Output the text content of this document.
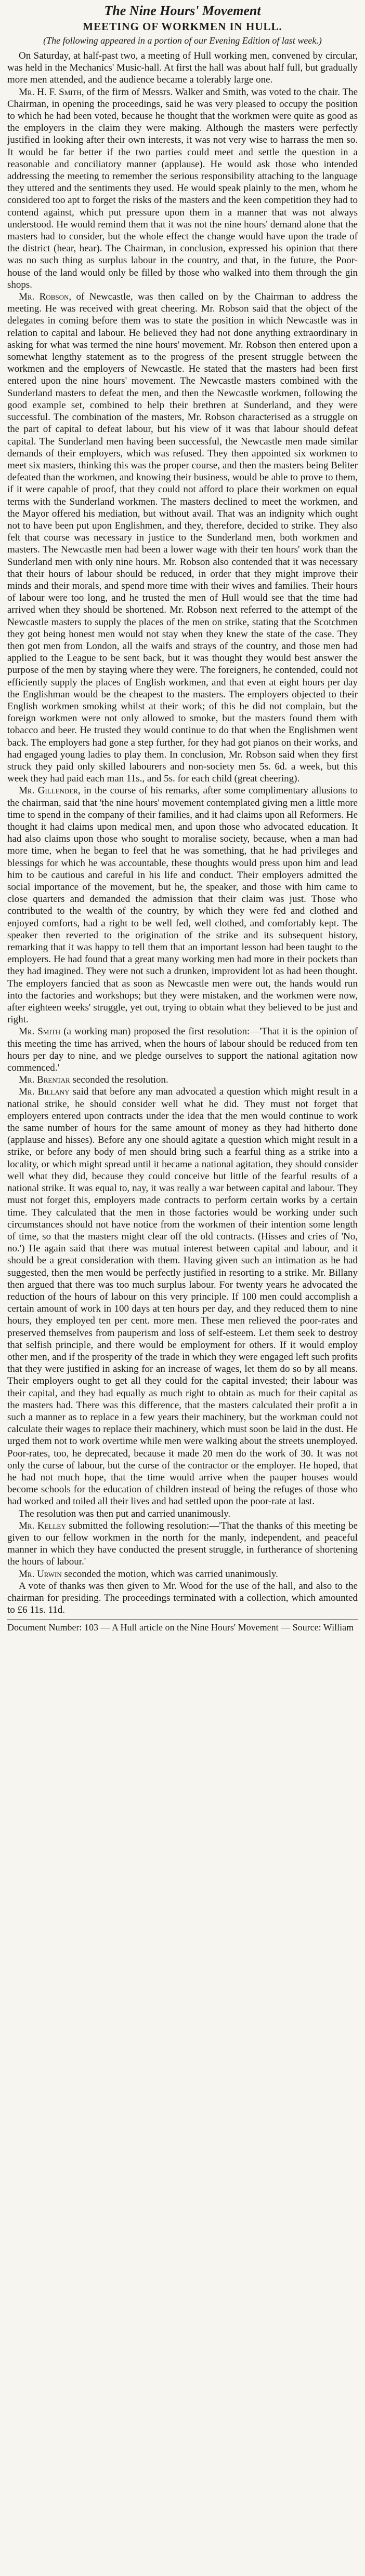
The Nine Hours' Movement
MEETING OF WORKMEN IN HULL.
(The following appeared in a portion of our Evening Edition of last week.)

On Saturday, at half-past two, a meeting of Hull working men, convened by circular, was held in the Mechanics' Music-hall. At first the hall was about half full, but gradually more men attended, and the audience became a tolerably large one.

Mr. H. F. Smith, of the firm of Messrs. Walker and Smith, was voted to the chair. The Chairman, in opening the proceedings, said he was very pleased to occupy the position to which he had been voted, because he thought that the workmen were quite as good as the employers in the claim they were making. Although the masters were perfectly justified in looking after their own interests, it was not very wise to harrass the men so. It would be far better if the two parties could meet and settle the question in a reasonable and conciliatory manner (applause). He would ask those who intended addressing the meeting to remember the serious responsibility attaching to the language they uttered and the sentiments they used. He would speak plainly to the men, whom he considered too apt to forget the risks of the masters and the keen competition they had to contend against, which put pressure upon them in a manner that was not always understood. He would remind them that it was not the nine hours' demand alone that the masters had to consider, but the whole effect the change would have upon the trade of the district (hear, hear). The Chairman, in conclusion, expressed his opinion that there was no such thing as surplus labour in the country, and that, in the future, the Poor-house of the land would only be filled by those who walked into them through the gin shops.

Mr. Robson, of Newcastle, was then called on by the Chairman to address the meeting. He was received with great cheering. Mr. Robson said that the object of the delegates in coming before them was to state the position in which Newcastle was in relation to capital and labour. He believed they had not done anything extraordinary in asking for what was termed the nine hours' movement. Mr. Robson then entered upon a somewhat lengthy statement as to the progress of the present struggle between the workmen and the employers of Newcastle. He stated that the masters had been first entered upon the nine hours' movement. The Newcastle masters combined with the Sunderland masters to defeat the men, and then the Newcastle workmen, following the good example set, combined to help their brethren at Sunderland, and they were successful. The combination of the masters, Mr. Robson characterised as a struggle on the part of capital to defeat labour, but his view of it was that labour should defeat capital. The Sunderland men having been successful, the Newcastle men made similar demands of their employers, which was refused. They then appointed six workmen to meet six masters, thinking this was the proper course, and then the masters being Beliter defeated than the workmen, and knowing their business, would be able to prove to them, if it were capable of proof, that they could not afford to place their workmen on equal terms with the Sunderland workmen. The masters declined to meet the workmen, and the Mayor offered his mediation, but without avail. That was an indignity which ought not to have been put upon Englishmen, and they, therefore, decided to strike. They also felt that course was necessary in justice to the Sunderland men, both workmen and masters. The Newcastle men had been a lower wage with their ten hours' work than the Sunderland men with only nine hours. Mr. Robson also contended that it was necessary that their hours of labour should be reduced, in order that they might improve their minds and their morals, and spend more time with their wives and families. Their hours of labour were too long, and he trusted the men of Hull would see that the time had arrived when they should be shortened. Mr. Robson next referred to the attempt of the Newcastle masters to supply the places of the men on strike, stating that the Scotchmen they got being honest men would not stay when they knew the state of the case. They then got men from London, all the waifs and strays of the country, and those men had applied to the League to be sent back, but it was thought they would best answer the purpose of the men by staying where they were. The foreigners, he contended, could not efficiently supply the places of English workmen, and that even at eight hours per day the Englishman would be the cheapest to the masters. The employers objected to their English workmen smoking whilst at their work; of this he did not complain, but the foreign workmen were not only allowed to smoke, but the masters found them with tobacco and beer. He trusted they would continue to do that when the Englishmen went back. The employers had gone a step further, for they had got pianos on their works, and had engaged young ladies to play them. In conclusion, Mr. Robson said when they first struck they paid only skilled labourers and non-society men 5s. 6d. a week, but this week they had paid each man 11s., and 5s. for each child (great cheering).

Mr. Gillender, in the course of his remarks, after some complimentary allusions to the chairman, said that 'the nine hours' movement contemplated giving men a little more time to spend in the company of their families, and it had claims upon all Reformers. He thought it had claims upon medical men, and upon those who advocated education. It had also claims upon those who sought to moralise society, because, when a man had more time, when he began to feel that he was something, that he had privileges and blessings for which he was accountable, these thoughts would press upon him and lead him to be cautious and careful in his life and conduct. Their employers admitted the social importance of the movement, but he, the speaker, and those with him came to close quarters and demanded the admission that their claim was just. Those who contributed to the wealth of the country, by which they were fed and clothed and enjoyed comforts, had a right to be well fed, well clothed, and comfortably kept. The speaker then reverted to the origination of the strike and its subsequent history, remarking that it was happy to tell them that an important lesson had been taught to the employers. He had found that a great many working men had more in their pockets than they had imagined. They were not such a drunken, improvident lot as had been thought. The employers fancied that as soon as Newcastle men were out, the hands would run into the factories and workshops; but they were mistaken, and the workmen were now, after eighteen weeks' struggle, yet out, trying to obtain what they believed to be just and right.

Mr. Smith (a working man) proposed the first resolution:—'That it is the opinion of this meeting the time has arrived, when the hours of labour should be reduced from ten hours per day to nine, and we pledge ourselves to support the national agitation now commenced.'

Mr. Brentar seconded the resolution.

Mr. Billany said that before any man advocated a question which might result in a national strike, he should consider well what he did. They must not forget that employers entered upon contracts under the idea that the men would continue to work the same number of hours for the same amount of money as they had hitherto done (applause and hisses). Before any one should agitate a question which might result in a strike, or before any body of men should bring such a fearful thing as a strike into a locality, or which might spread until it became a national agitation, they should consider well what they did, because they could conceive but little of the fearful results of a national strike. It was equal to, nay, it was really a war between capital and labour. They must not forget this, employers made contracts to perform certain works by a certain time. They calculated that the men in those factories would be working under such circumstances should not have notice from the workmen of their intention some length of time, so that the masters might clear off the old contracts. (Hisses and cries of 'No, no.') He again said that there was mutual interest between capital and labour, and it should be a great consideration with them. Having given such an intimation as he had suggested, then the men would be perfectly justified in resorting to a strike. Mr. Billany then argued that there was too much surplus labour. For twenty years he advocated the reduction of the hours of labour on this very principle. If 100 men could accomplish a certain amount of work in 100 days at ten hours per day, and they reduced them to nine hours, they employed ten per cent. more men. These men relieved the poor-rates and preserved themselves from pauperism and loss of self-esteem. Let them seek to destroy that selfish principle, and there would be employment for others. If it would employ other men, and if the prosperity of the trade in which they were engaged left such profits that they were justified in asking for an increase of wages, let them do so by all means. Their employers ought to get all they could for the capital invested; their labour was their capital, and they had equally as much right to obtain as much for their capital as the masters had. There was this difference, that the masters calculated their profit a in such a manner as to replace in a few years their machinery, but the workman could not calculate their wages to replace their machinery, which must soon be laid in the dust. He urged them not to work overtime while men were walking about the streets unemployed. Poor-rates, too, he deprecated, because it made 20 men do the work of 30. It was not only the curse of labour, but the curse of the contractor or the employer. He hoped, that he had not much hope, that the time would arrive when the pauper houses would become schools for the education of children instead of being the refuges of those who had worked and toiled all their lives and had settled upon the poor-rate at last.

The resolution was then put and carried unanimously.

Mr. Kelley submitted the following resolution:—'That the thanks of this meeting be given to our fellow workmen in the north for the manly, independent, and peaceful manner in which they have conducted the present struggle, in furtherance of shortening the hours of labour.'

Mr. Urwin seconded the motion, which was carried unanimously.

A vote of thanks was then given to Mr. Wood for the use of the hall, and also to the chairman for presiding. The proceedings terminated with a collection, which amounted to £6 11s. 11d.

Document Number: 103 — A Hull article on the Nine Hours' Movement — Source: William
